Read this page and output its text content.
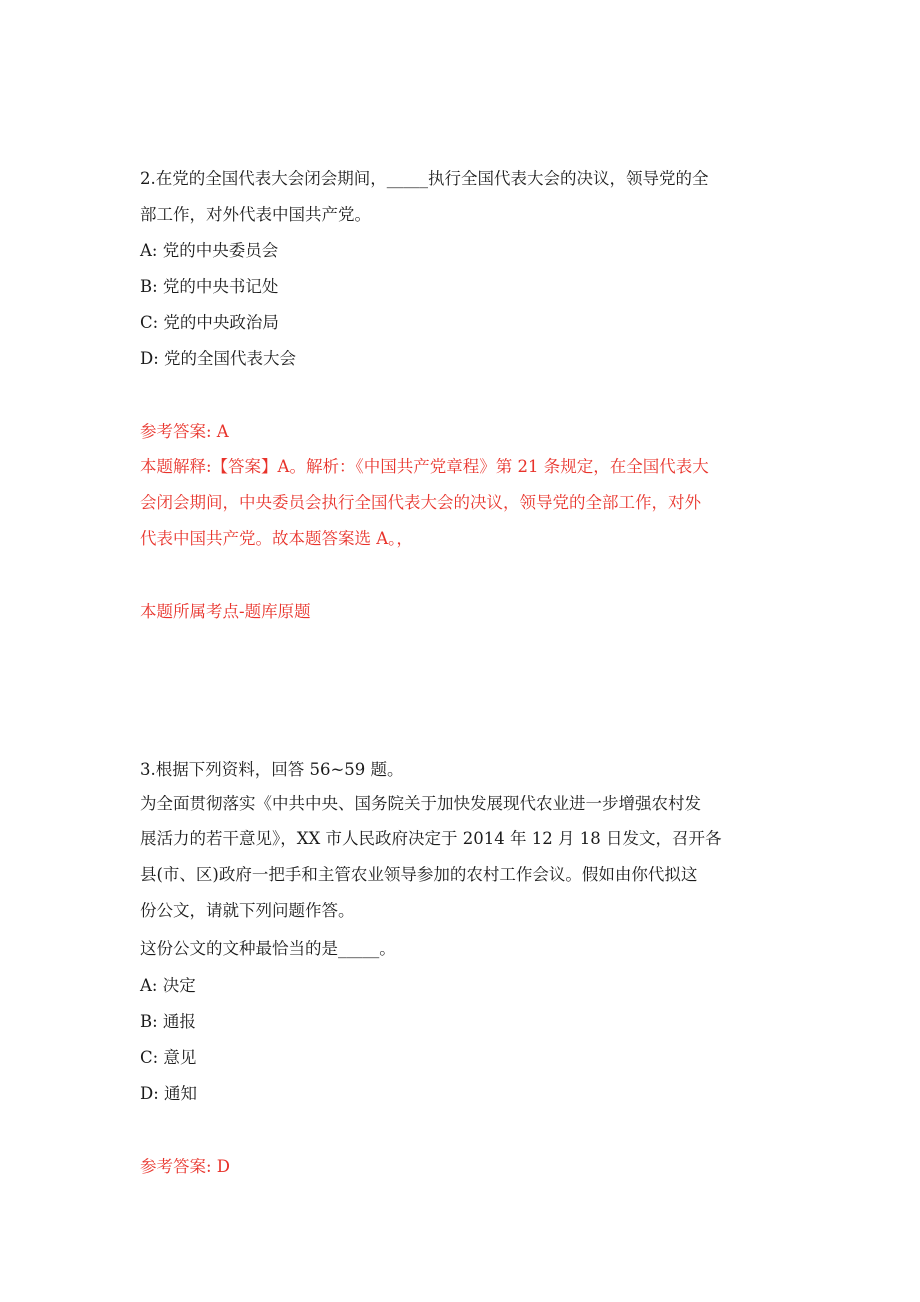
2.在党的全国代表大会闭会期间，_____执行全国代表大会的决议，领导党的全
部工作，对外代表中国共产党。
A: 党的中央委员会
B: 党的中央书记处
C: 党的中央政治局
D: 党的全国代表大会
参考答案: A
本题解释:【答案】A。解析：《中国共产党章程》第 21 条规定，在全国代表大
会闭会期间，中央委员会执行全国代表大会的决议，领导党的全部工作，对外
代表中国共产党。故本题答案选 A。，
本题所属考点-题库原题
3.根据下列资料，回答 56~59 题。
为全面贯彻落实《中共中央、国务院关于加快发展现代农业进一步增强农村发
展活力的若干意见》，XX 市人民政府决定于 2014 年 12 月 18 日发文，召开各
县(市、区)政府一把手和主管农业领导参加的农村工作会议。假如由你代拟这
份公文，请就下列问题作答。
这份公文的文种最恰当的是_____。
A: 决定
B: 通报
C: 意见
D: 通知
参考答案: D
